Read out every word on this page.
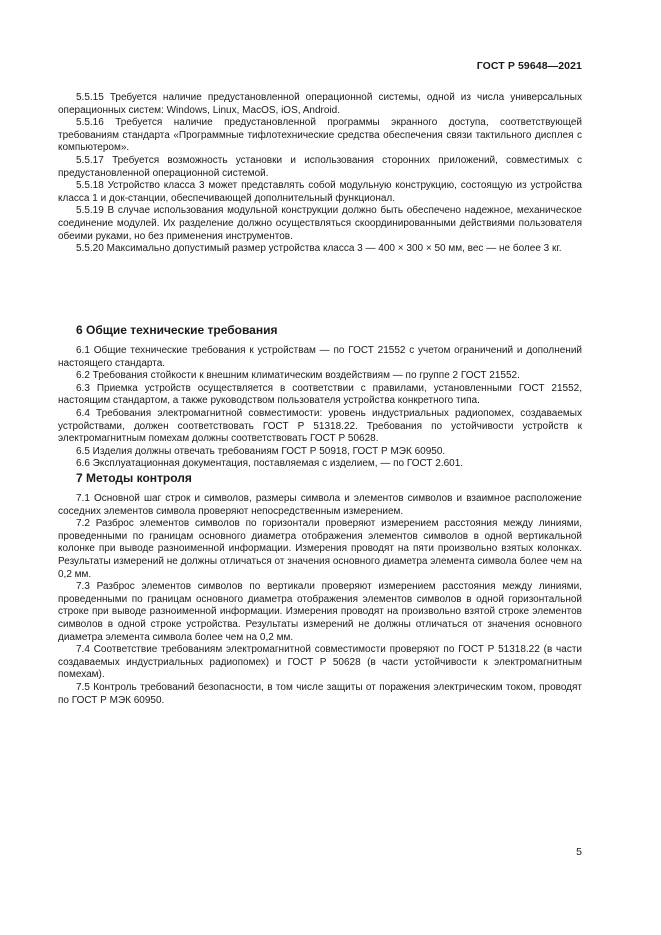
ГОСТ Р 59648—2021

5.5.15 Требуется наличие предустановленной операционной системы, одной из числа универсальных операционных систем: Windows, Linux, MacOS, iOS, Android.

5.5.16 Требуется наличие предустановленной программы экранного доступа, соответствующей требованиям стандарта «Программные тифлотехнические средства обеспечения связи тактильного дисплея с компьютером».

5.5.17 Требуется возможность установки и использования сторонних приложений, совместимых с предустановленной операционной системой.

5.5.18 Устройство класса 3 может представлять собой модульную конструкцию, состоящую из устройства класса 1 и док-станции, обеспечивающей дополнительный функционал.

5.5.19 В случае использования модульной конструкции должно быть обеспечено надежное, механическое соединение модулей. Их разделение должно осуществляться скоординированными действиями пользователя обеими руками, но без применения инструментов.

5.5.20 Максимально допустимый размер устройства класса 3 — 400 × 300 × 50 мм, вес — не более 3 кг.

6 Общие технические требования

6.1 Общие технические требования к устройствам — по ГОСТ 21552 с учетом ограничений и дополнений настоящего стандарта.

6.2 Требования стойкости к внешним климатическим воздействиям — по группе 2 ГОСТ 21552.

6.3 Приемка устройств осуществляется в соответствии с правилами, установленными ГОСТ 21552, настоящим стандартом, а также руководством пользователя устройства конкретного типа.

6.4 Требования электромагнитной совместимости: уровень индустриальных радиопомех, создаваемых устройствами, должен соответствовать ГОСТ Р 51318.22. Требования по устойчивости устройств к электромагнитным помехам должны соответствовать ГОСТ Р 50628.

6.5 Изделия должны отвечать требованиям ГОСТ Р 50918, ГОСТ Р МЭК 60950.

6.6 Эксплуатационная документация, поставляемая с изделием, — по ГОСТ 2.601.

7 Методы контроля

7.1 Основной шаг строк и символов, размеры символа и элементов символов и взаимное расположение соседних элементов символа проверяют непосредственным измерением.

7.2 Разброс элементов символов по горизонтали проверяют измерением расстояния между линиями, проведенными по границам основного диаметра отображения элементов символов в одной вертикальной колонке при выводе разноименной информации. Измерения проводят на пяти произвольно взятых колонках. Результаты измерений не должны отличаться от значения основного диаметра элемента символа более чем на 0,2 мм.

7.3 Разброс элементов символов по вертикали проверяют измерением расстояния между линиями, проведенными по границам основного диаметра отображения элементов символов в одной горизонтальной строке при выводе разноименной информации. Измерения проводят на произвольно взятой строке элементов символов в одной строке устройства. Результаты измерений не должны отличаться от значения основного диаметра элемента символа более чем на 0,2 мм.

7.4 Соответствие требованиям электромагнитной совместимости проверяют по ГОСТ Р 51318.22 (в части создаваемых индустриальных радиопомех) и ГОСТ Р 50628 (в части устойчивости к электромагнитным помехам).

7.5 Контроль требований безопасности, в том числе защиты от поражения электрическим током, проводят по ГОСТ Р МЭК 60950.

5
